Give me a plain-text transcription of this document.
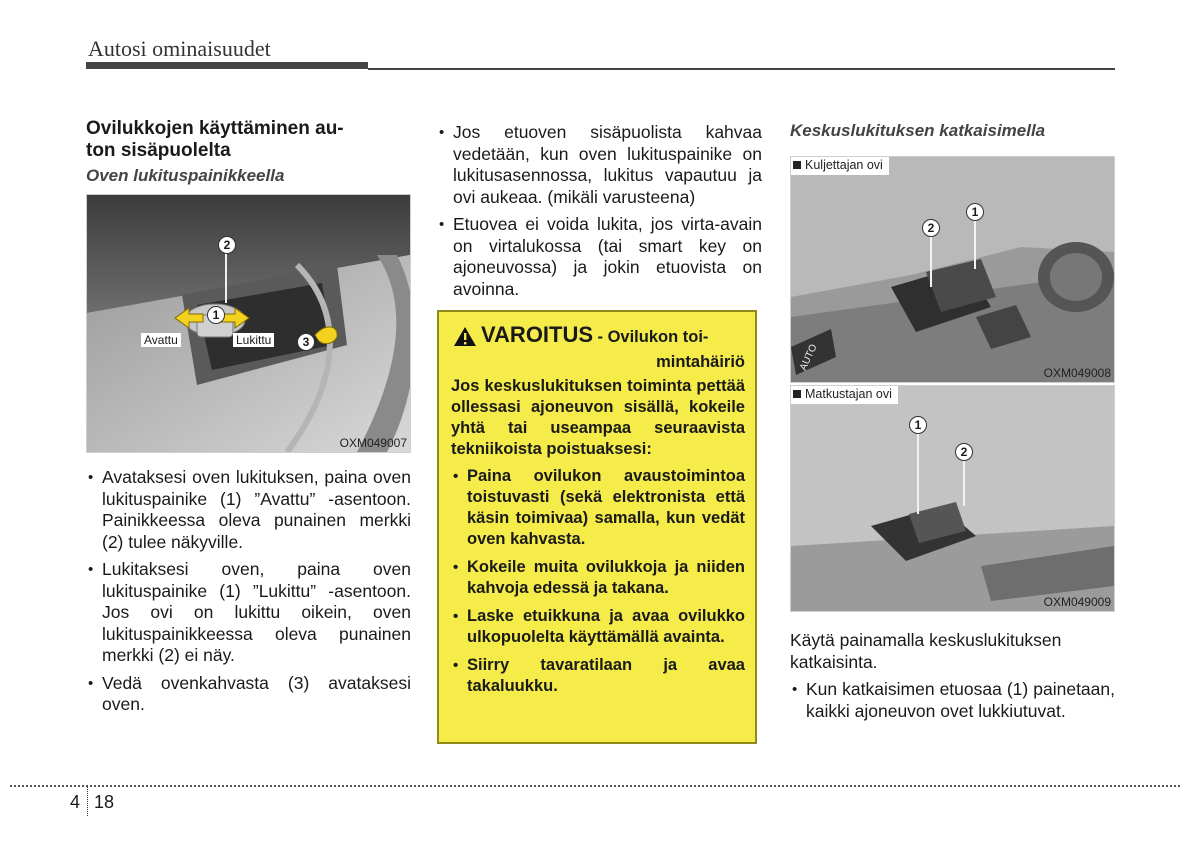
Autosi ominaisuudet
Ovilukkojen käyttäminen au-
ton sisäpuolelta
Oven lukituspainikkeella
1
2
3
Avattu	Lukittu
OXM049007
• Avataksesi oven lukituksen, paina oven lukituspainike (1) ”Avattu” -asentoon. Painikkeessa oleva punainen merkki (2) tulee näkyville.
• Lukitaksesi oven, paina oven lukituspainike (1) ”Lukittu” -asentoon. Jos ovi on lukittu oikein, oven lukituspainikkeessa oleva punainen merkki (2) ei näy.
• Vedä ovenkahvasta (3) avataksesi oven.
• Jos etuoven sisäpuolista kahvaa vedetään, kun oven lukituspainike on lukitusasennossa, lukitus vapautuu ja ovi aukeaa. (mikäli varusteena)
• Etuovea ei voida lukita, jos virta-avain on virtalukossa (tai smart key on ajoneuvossa) ja jokin etuovista on avoinna.
VAROITUS - Ovilukon toi-
mintahäiriö
Jos keskuslukituksen toiminta pettää ollessasi ajoneuvon sisällä, kokeile yhtä tai useampaa seuraavista tekniikoista poistuaksesi:
• Paina ovilukon avaustoimintoa toistuvasti (sekä elektronista että käsin toimivaa) samalla, kun vedät oven kahvasta.
• Kokeile muita ovilukkoja ja niiden kahvoja edessä ja takana.
• Laske etuikkuna ja avaa ovilukko ulkopuolelta käyttämällä avainta.
• Siirry tavaratilaan ja avaa takaluukku.
Keskuslukituksen katkaisimella
AUTO
Kuljettajan ovi
1
2
OXM049008
Matkustajan ovi
1
2
OXM049009
Käytä painamalla keskuslukituksen katkaisinta.
• Kun katkaisimen etuosaa (1) painetaan, kaikki ajoneuvon ovet lukkiutuvat.
4 18
